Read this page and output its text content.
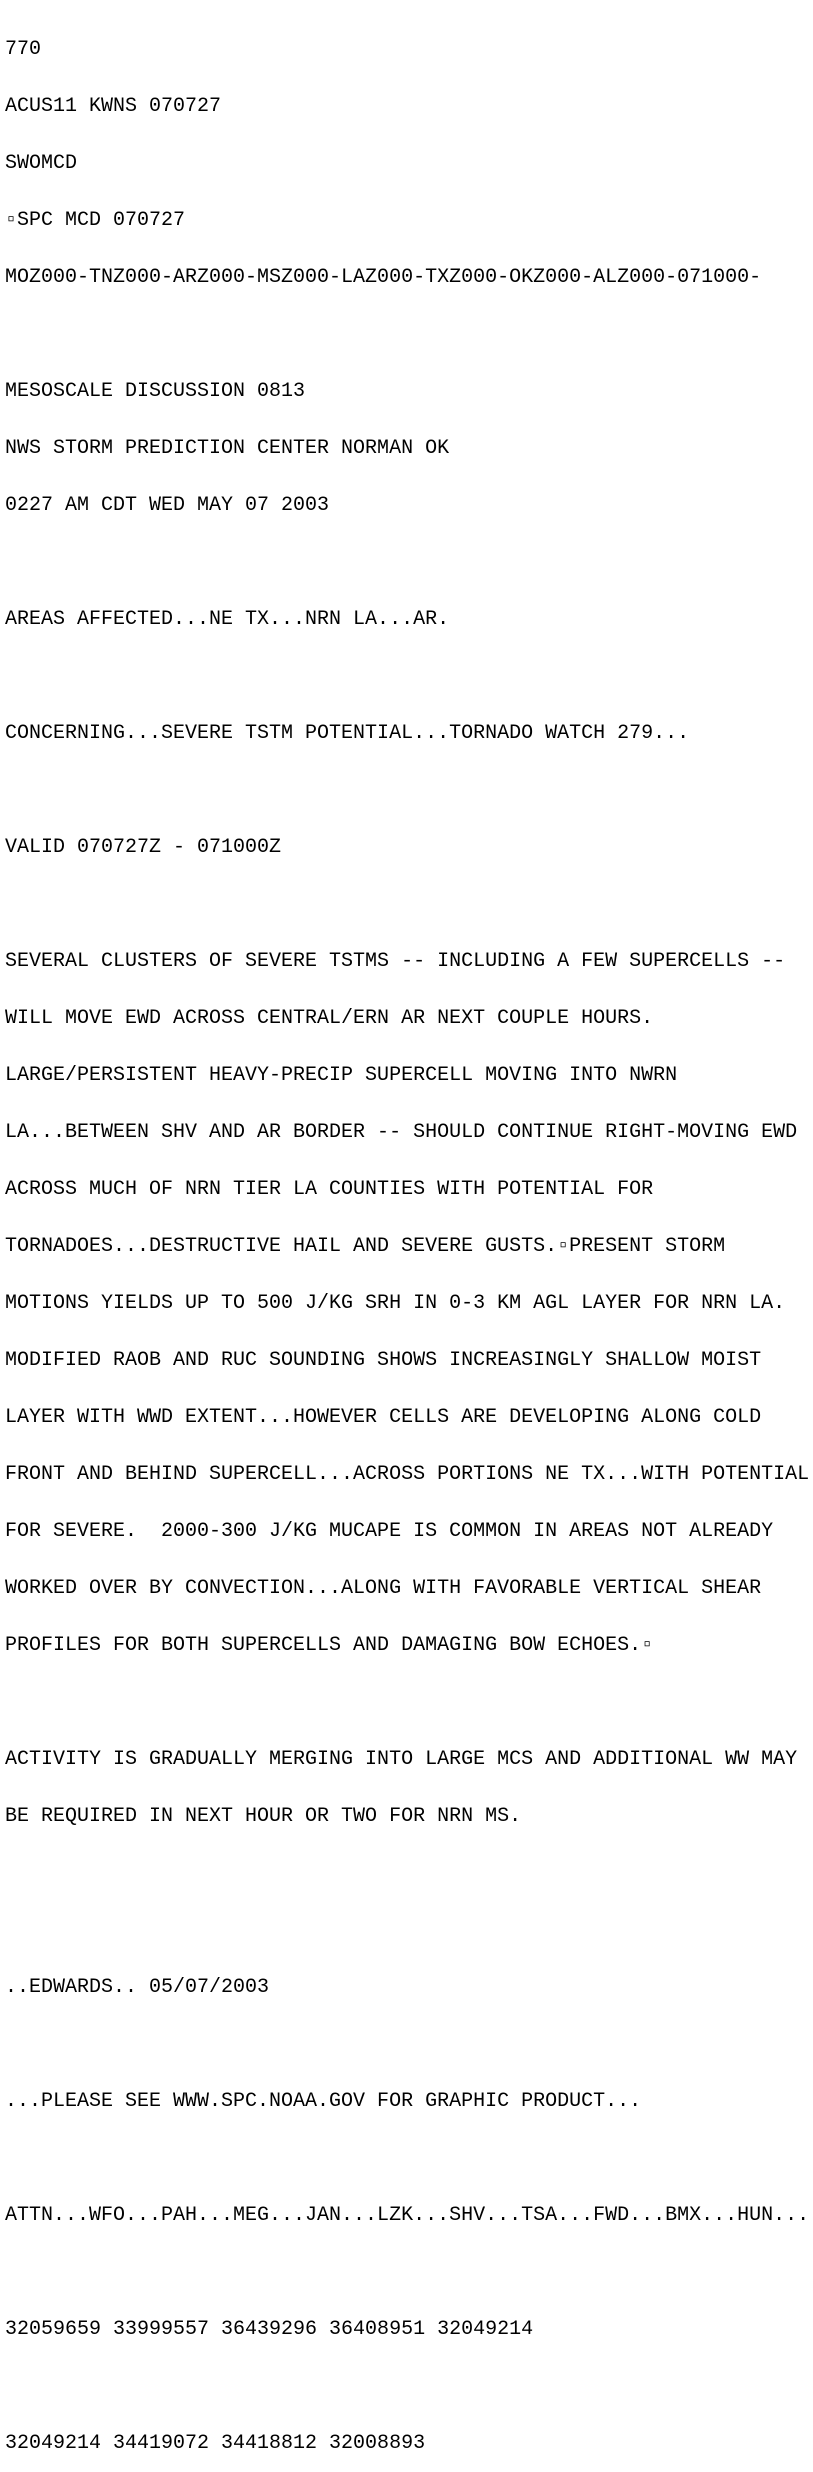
770

ACUS11 KWNS 070727

SWOMCD

▫SPC MCD 070727

MOZ000-TNZ000-ARZ000-MSZ000-LAZ000-TXZ000-OKZ000-ALZ000-071000-

MESOSCALE DISCUSSION 0813

NWS STORM PREDICTION CENTER NORMAN OK

0227 AM CDT WED MAY 07 2003

AREAS AFFECTED...NE TX...NRN LA...AR.

CONCERNING...SEVERE TSTM POTENTIAL...TORNADO WATCH 279...

VALID 070727Z - 071000Z

SEVERAL CLUSTERS OF SEVERE TSTMS -- INCLUDING A FEW SUPERCELLS --

WILL MOVE EWD ACROSS CENTRAL/ERN AR NEXT COUPLE HOURS.

LARGE/PERSISTENT HEAVY-PRECIP SUPERCELL MOVING INTO NWRN

LA...BETWEEN SHV AND AR BORDER -- SHOULD CONTINUE RIGHT-MOVING EWD

ACROSS MUCH OF NRN TIER LA COUNTIES WITH POTENTIAL FOR

TORNADOES...DESTRUCTIVE HAIL AND SEVERE GUSTS.▫PRESENT STORM

MOTIONS YIELDS UP TO 500 J/KG SRH IN 0-3 KM AGL LAYER FOR NRN LA.

MODIFIED RAOB AND RUC SOUNDING SHOWS INCREASINGLY SHALLOW MOIST

LAYER WITH WWD EXTENT...HOWEVER CELLS ARE DEVELOPING ALONG COLD

FRONT AND BEHIND SUPERCELL...ACROSS PORTIONS NE TX...WITH POTENTIAL

FOR SEVERE.  2000-300 J/KG MUCAPE IS COMMON IN AREAS NOT ALREADY

WORKED OVER BY CONVECTION...ALONG WITH FAVORABLE VERTICAL SHEAR

PROFILES FOR BOTH SUPERCELLS AND DAMAGING BOW ECHOES.▫

ACTIVITY IS GRADUALLY MERGING INTO LARGE MCS AND ADDITIONAL WW MAY

BE REQUIRED IN NEXT HOUR OR TWO FOR NRN MS.

..EDWARDS.. 05/07/2003

...PLEASE SEE WWW.SPC.NOAA.GOV FOR GRAPHIC PRODUCT...

ATTN...WFO...PAH...MEG...JAN...LZK...SHV...TSA...FWD...BMX...HUN...

32059659 33999557 36439296 36408951 32049214

32049214 34419072 34418812 32008893
